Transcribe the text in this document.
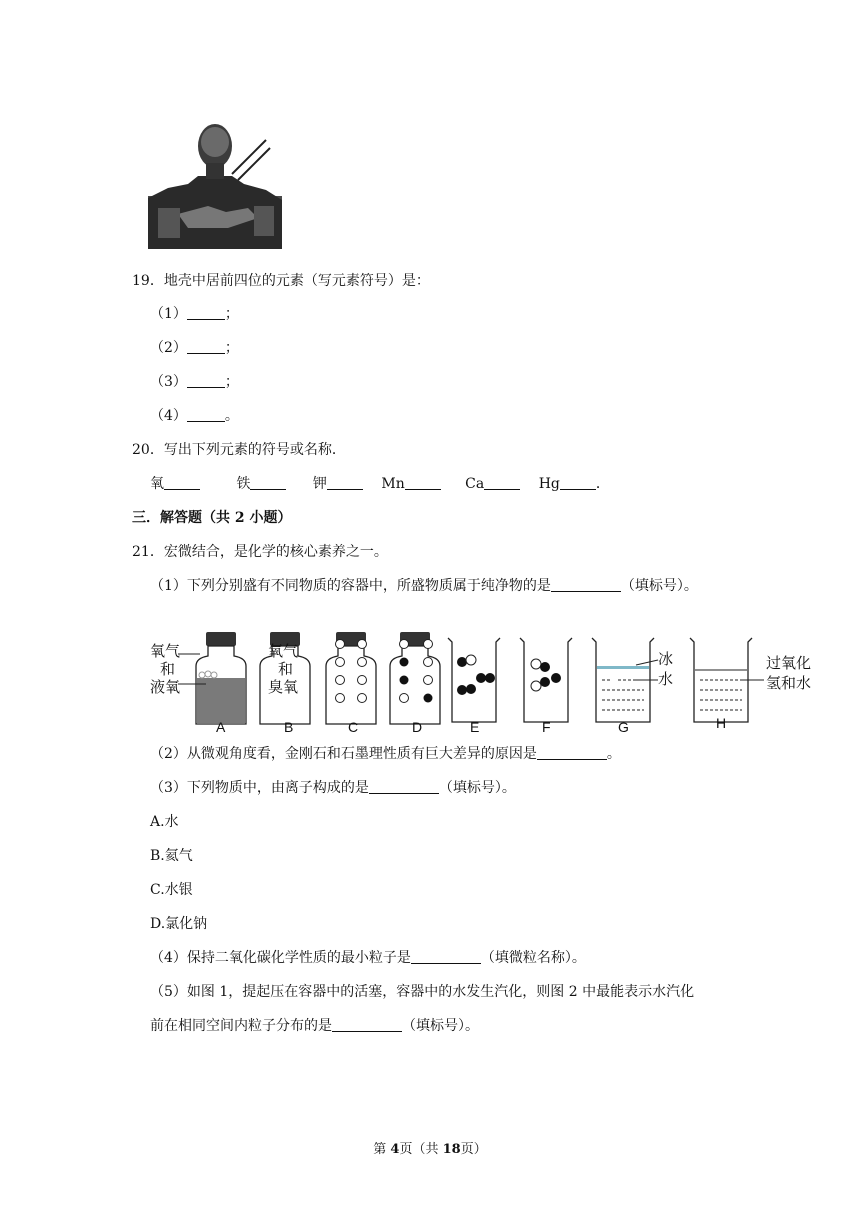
19．地壳中居前四位的元素（写元素符号）是：
（1）	；
（2）	；
（3）	；
（4）	。
20．写出下列元素的符号或名称．
氧	铁	钾	Mn	Ca	Hg	．
三．解答题（共 2 小题）
21．宏微结合，是化学的核心素养之一。
（1）下列分别盛有不同物质的容器中，所盛物质属于纯净物的是	（填标号）。
氧气
和
液氧
A
氧气
和
臭氧
B	C	D	E	F
冰
水
G
过氧化
氢和水
H
（2）从微观角度看，金刚石和石墨理性质有巨大差异的原因是	。
（3）下列物质中，由离子构成的是	（填标号）。
A.水
B.氦气
C.水银
D.氯化钠
（4）保持二氧化碳化学性质的最小粒子是	（填微粒名称）。
（5）如图 1，提起压在容器中的活塞，容器中的水发生汽化，则图 2 中最能表示水汽化
前在相同空间内粒子分布的是	（填标号）。
第 4页（共 18页）
